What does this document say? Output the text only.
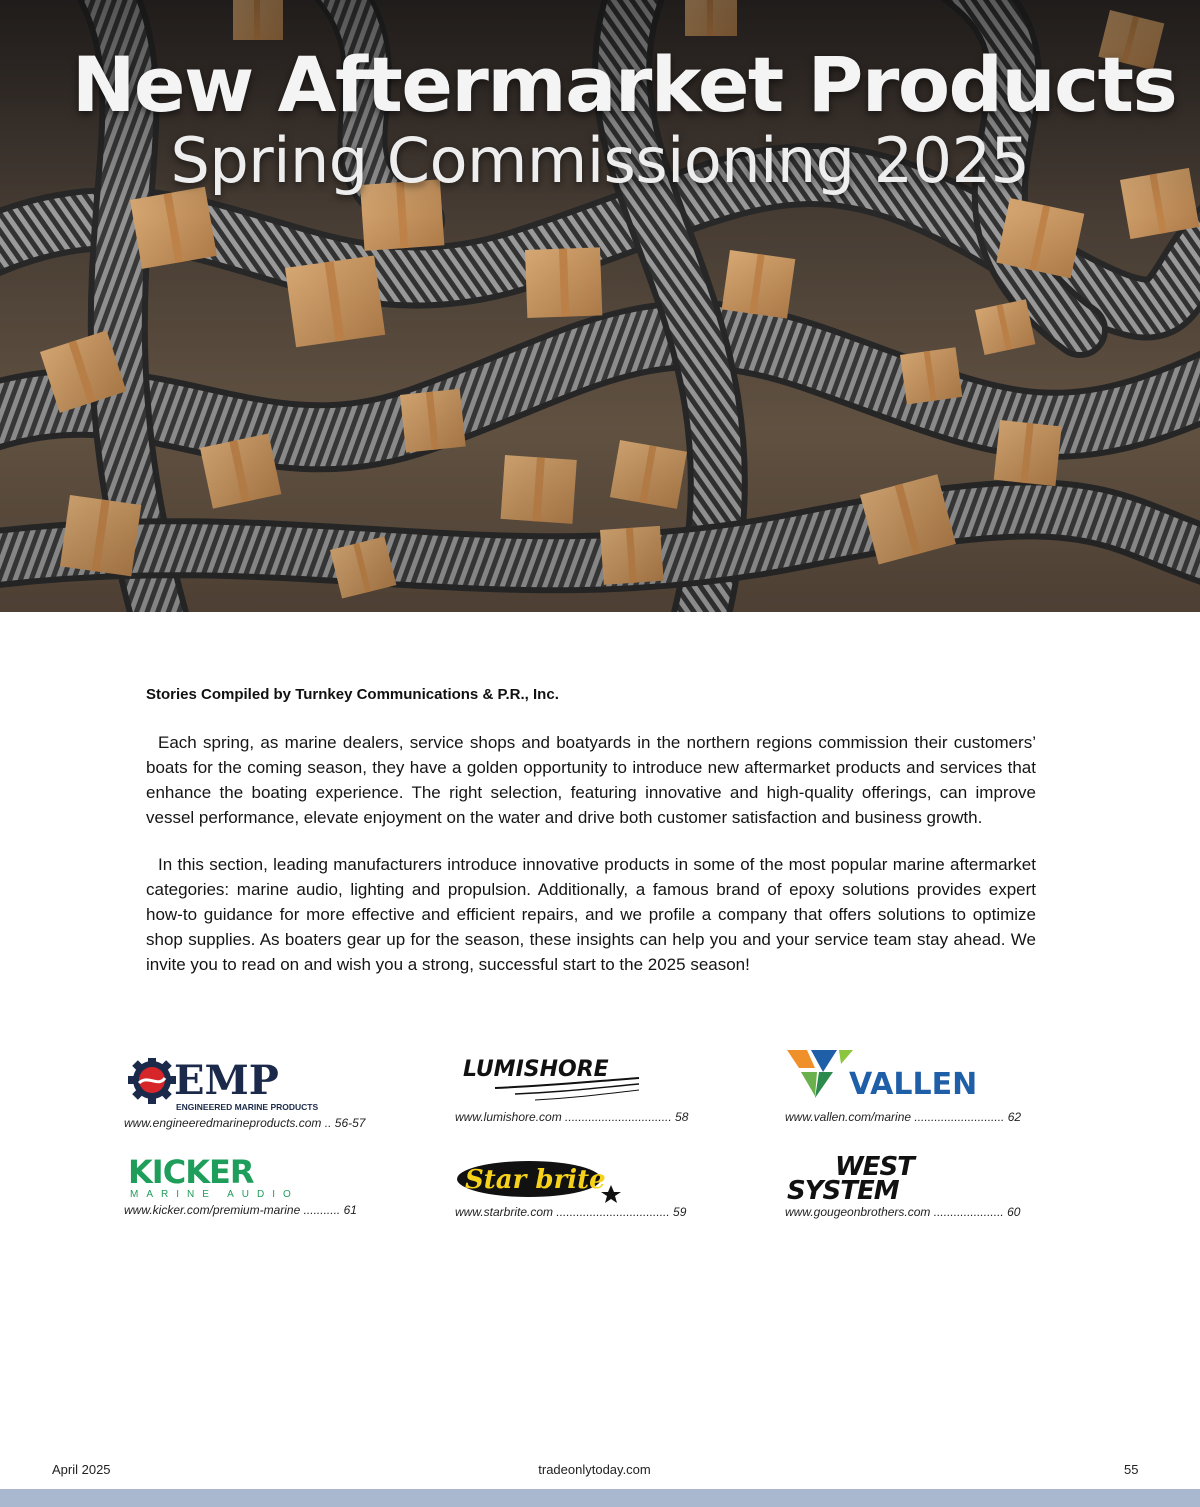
New Aftermarket Products
Spring Commissioning 2025

Stories Compiled by Turnkey Communications & P.R., Inc.

Each spring, as marine dealers, service shops and boatyards in the northern regions commission their customers’ boats for the coming season, they have a golden opportunity to introduce new aftermarket products and services that enhance the boating experience. The right selection, featuring innovative and high-quality offerings, can improve vessel performance, elevate enjoyment on the water and drive both customer satisfaction and business growth.

In this section, leading manufacturers introduce innovative products in some of the most popular marine aftermarket categories: marine audio, lighting and propulsion. Additionally, a famous brand of epoxy solutions provides expert how-to guidance for more effective and efficient repairs, and we profile a company that offers solutions to optimize shop supplies. As boaters gear up for the season, these insights can help you and your service team stay ahead. We invite you to read on and wish you a strong, successful start to the 2025 season!

EMP
ENGINEERED MARINE PRODUCTS
www.engineeredmarineproducts.com .. 56-57
LUMISHORE
www.lumishore.com ................................ 58
VALLEN
www.vallen.com/marine ........................... 62
KICKER
MARINE AUDIO
www.kicker.com/premium-marine ........... 61
Star brite
www.starbrite.com .................................. 59
WEST
SYSTEM
www.gougeonbrothers.com ..................... 60
April 2025	tradeonlytoday.com	55
